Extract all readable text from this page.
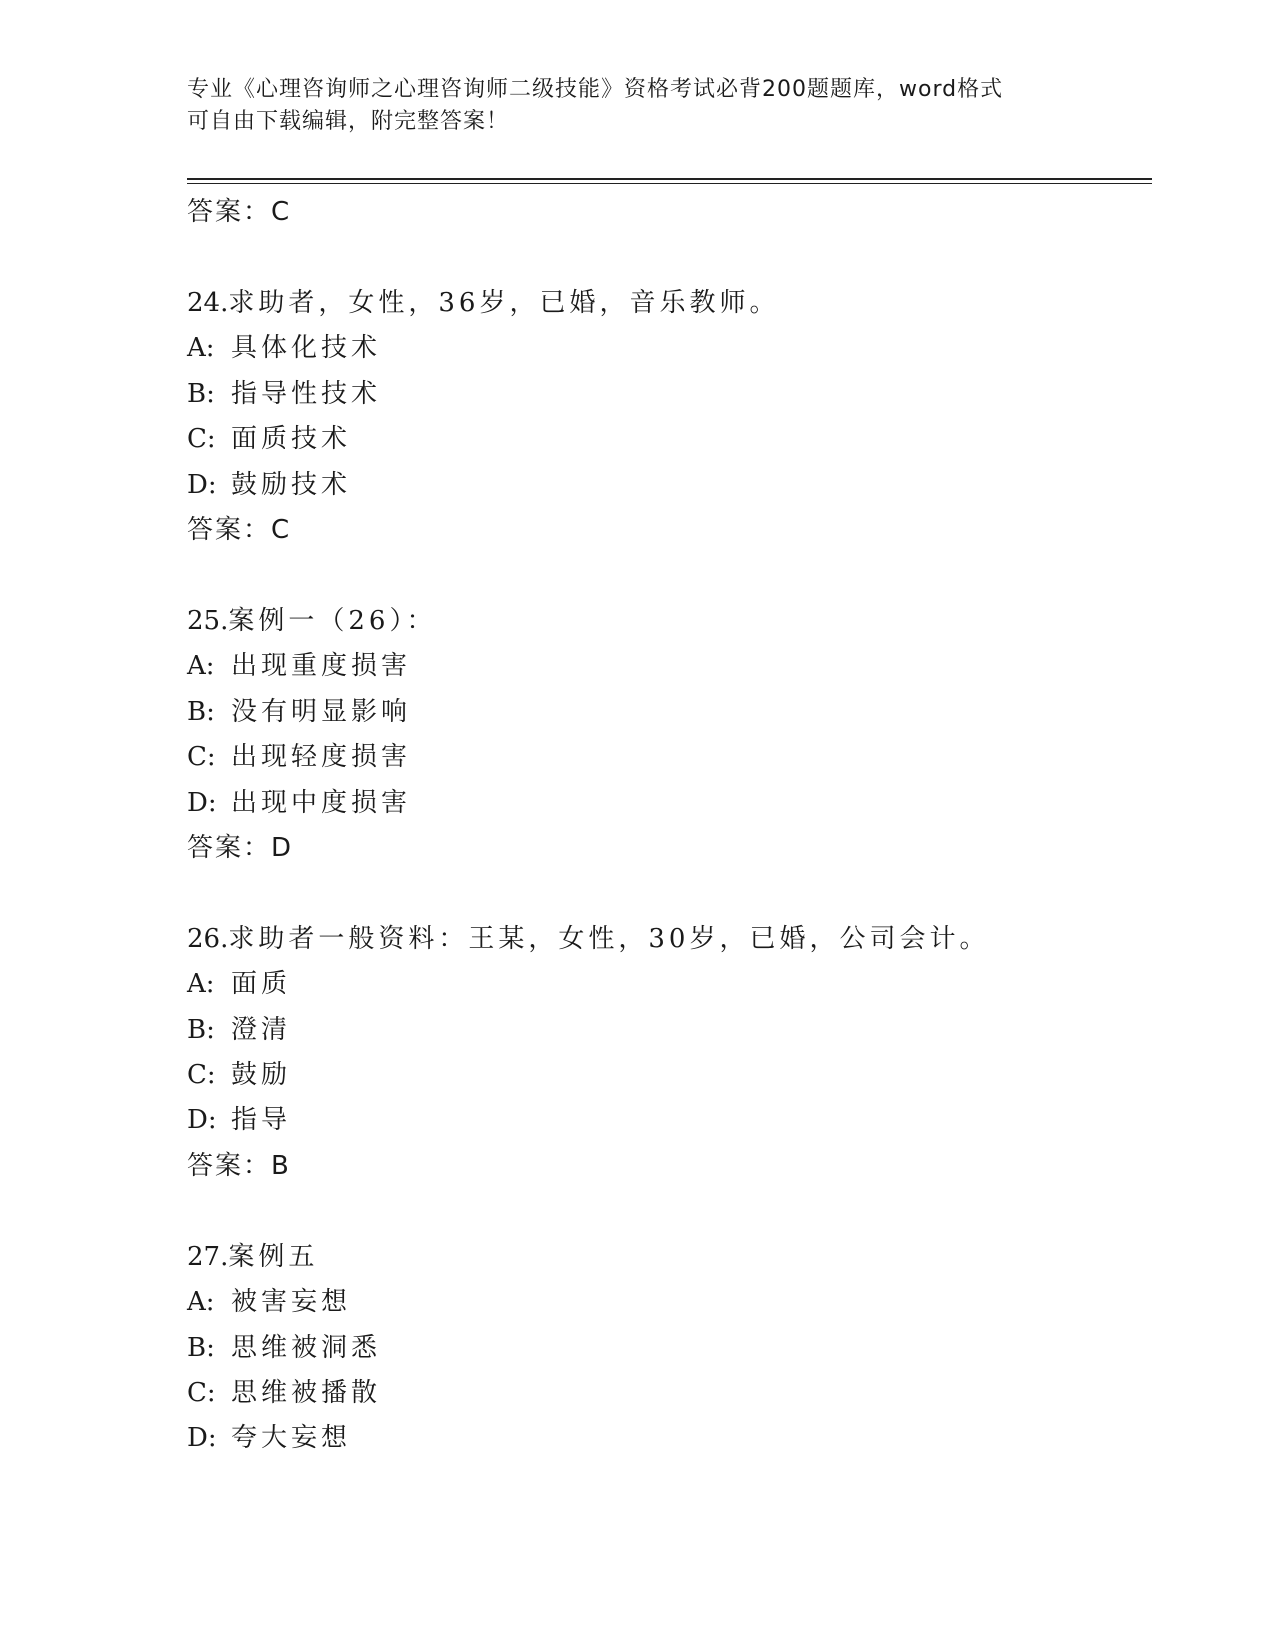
专业《心理咨询师之心理咨询师二级技能》资格考试必背200题题库，word格式
可自由下载编辑，附完整答案！
答案：C
24.求助者，女性，36岁，已婚，音乐教师。
A: 具体化技术
B: 指导性技术
C: 面质技术
D: 鼓励技术
答案：C
25.案例一（26）：
A: 出现重度损害
B: 没有明显影响
C: 出现轻度损害
D: 出现中度损害
答案：D
26.求助者一般资料：王某，女性，30岁，已婚，公司会计。
A: 面质
B: 澄清
C: 鼓励
D: 指导
答案：B
27.案例五
A: 被害妄想
B: 思维被洞悉
C: 思维被播散
D: 夸大妄想
